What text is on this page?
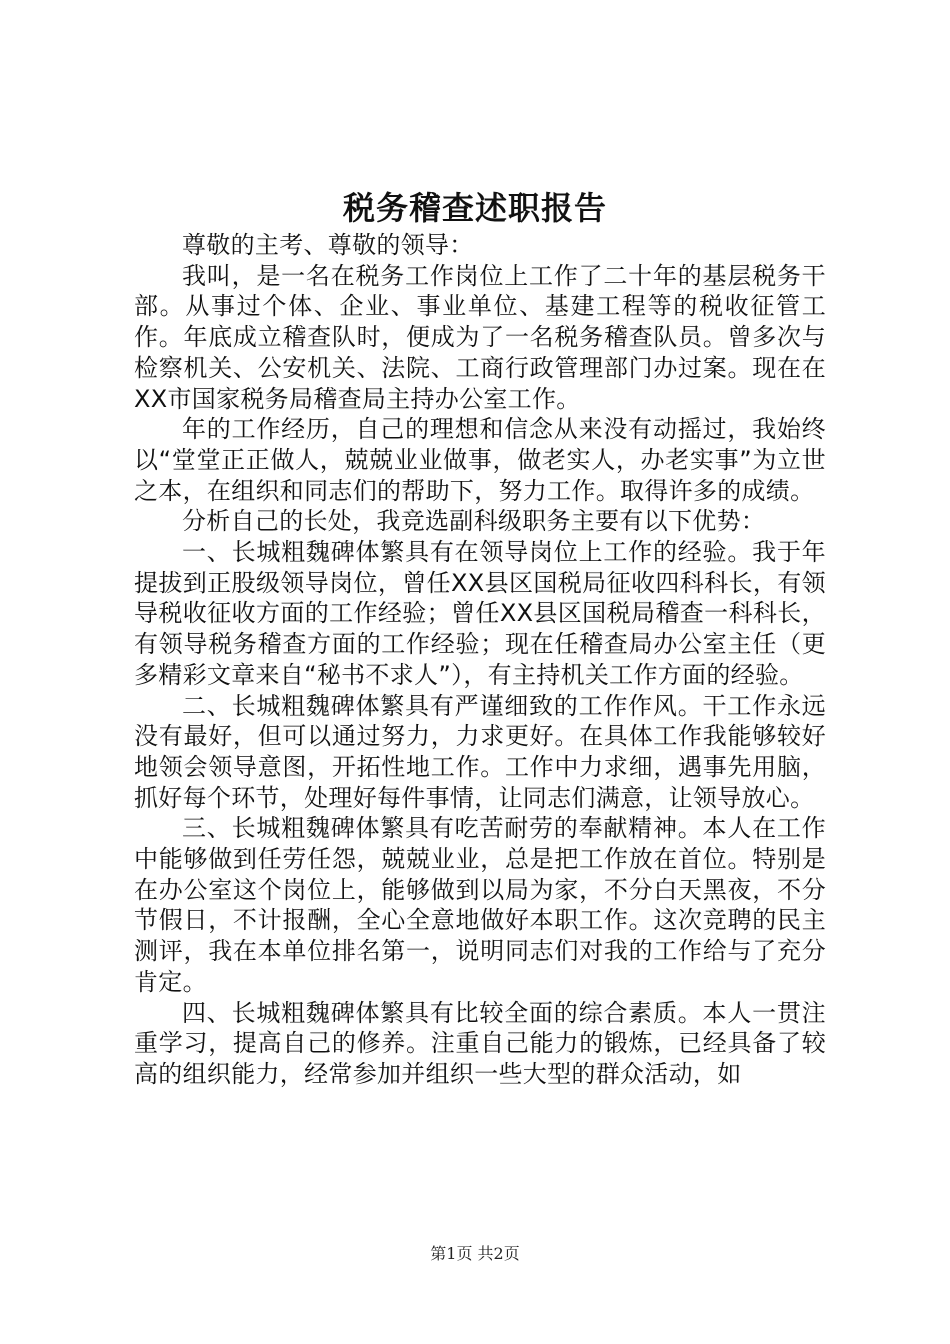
税务稽查述职报告

尊敬的主考、尊敬的领导：

我叫，是一名在税务工作岗位上工作了二十年的基层税务干部。从事过个体、企业、事业单位、基建工程等的税收征管工作。年底成立稽查队时，便成为了一名税务稽查队员。曾多次与检察机关、公安机关、法院、工商行政管理部门办过案。现在在XX市国家税务局稽查局主持办公室工作。

年的工作经历，自己的理想和信念从来没有动摇过，我始终以“堂堂正正做人，兢兢业业做事，做老实人，办老实事”为立世之本，在组织和同志们的帮助下，努力工作。取得许多的成绩。

分析自己的长处，我竞选副科级职务主要有以下优势：

一、长城粗魏碑体繁具有在领导岗位上工作的经验。我于年提拔到正股级领导岗位，曾任XX县区国税局征收四科科长，有领导税收征收方面的工作经验；曾任XX县区国税局稽查一科科长，有领导税务稽查方面的工作经验；现在任稽查局办公室主任（更多精彩文章来自“秘书不求人”），有主持机关工作方面的经验。

二、长城粗魏碑体繁具有严谨细致的工作作风。干工作永远没有最好，但可以通过努力，力求更好。在具体工作我能够较好地领会领导意图，开拓性地工作。工作中力求细，遇事先用脑，抓好每个环节，处理好每件事情，让同志们满意，让领导放心。

三、长城粗魏碑体繁具有吃苦耐劳的奉献精神。本人在工作中能够做到任劳任怨，兢兢业业，总是把工作放在首位。特别是在办公室这个岗位上，能够做到以局为家，不分白天黑夜，不分节假日，不计报酬，全心全意地做好本职工作。这次竞聘的民主测评，我在本单位排名第一，说明同志们对我的工作给与了充分肯定。

四、长城粗魏碑体繁具有比较全面的综合素质。本人一贯注重学习，提高自己的修养。注重自己能力的锻炼，已经具备了较高的组织能力，经常参加并组织一些大型的群众活动，如

第1页 共2页
